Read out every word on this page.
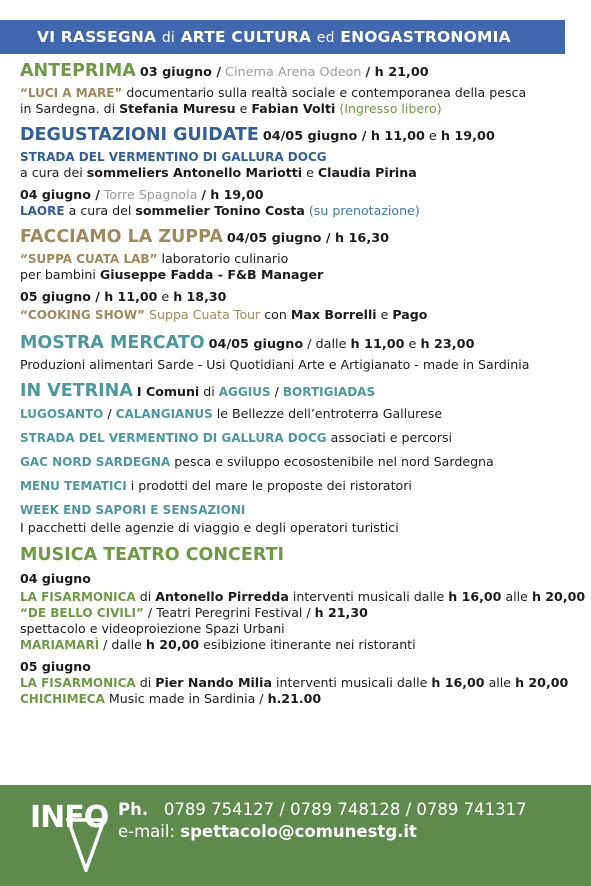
VI RASSEGNA di ARTE CULTURA ed ENOGASTRONOMIA
ANTEPRIMA 03 giugno / Cinema Arena Odeon / h 21,00
“LUCI A MARE” documentario sulla realtà sociale e contemporanea della pesca
in Sardegna. di Stefania Muresu e Fabian Volti (Ingresso libero)
DEGUSTAZIONI GUIDATE 04/05 giugno / h 11,00 e h 19,00
STRADA DEL VERMENTINO DI GALLURA DOCG
a cura dei sommeliers Antonello Mariotti e Claudia Pirina
04 giugno / Torre Spagnola / h 19,00
LAORE a cura del sommelier Tonino Costa (su prenotazione)
FACCIAMO LA ZUPPA 04/05 giugno / h 16,30
“SUPPA CUATA LAB” laboratorio culinario
per bambini Giuseppe Fadda - F&B Manager
05 giugno / h 11,00 e h 18,30
“COOKING SHOW” Suppa Cuata Tour con Max Borrelli e Pago
MOSTRA MERCATO 04/05 giugno / dalle h 11,00 e h 23,00
Produzioni alimentari Sarde - Usi Quotidiani Arte e Artigianato - made in Sardinia
IN VETRINA I Comuni di AGGIUS / BORTIGIADAS
LUGOSANTO / CALANGIANUS le Bellezze dell’entroterra Gallurese
STRADA DEL VERMENTINO DI GALLURA DOCG associati e percorsi
GAC NORD SARDEGNA pesca e sviluppo ecosostenibile nel nord Sardegna
MENU TEMATICI i prodotti del mare le proposte dei ristoratori
WEEK END SAPORI E SENSAZIONI
I pacchetti delle agenzie di viaggio e degli operatori turistici
MUSICA TEATRO CONCERTI
04 giugno
LA FISARMONICA di Antonello Pirredda interventi musicali dalle h 16,00 alle h 20,00
“DE BELLO CIVILI” / Teatri Peregrini Festival / h 21,30
spettacolo e videoproiezione Spazi Urbani
MARIAMARÌ / dalle h 20,00 esibizione itinerante nei ristoranti
05 giugno
LA FISARMONICA di Pier Nando Milia interventi musicali dalle h 16,00 alle h 20,00
CHICHIMECA Music made in Sardinia / h.21.00
INFO Ph. 0789 754127 / 0789 748128 / 0789 741317
e-mail: spettacolo@comunestg.it
